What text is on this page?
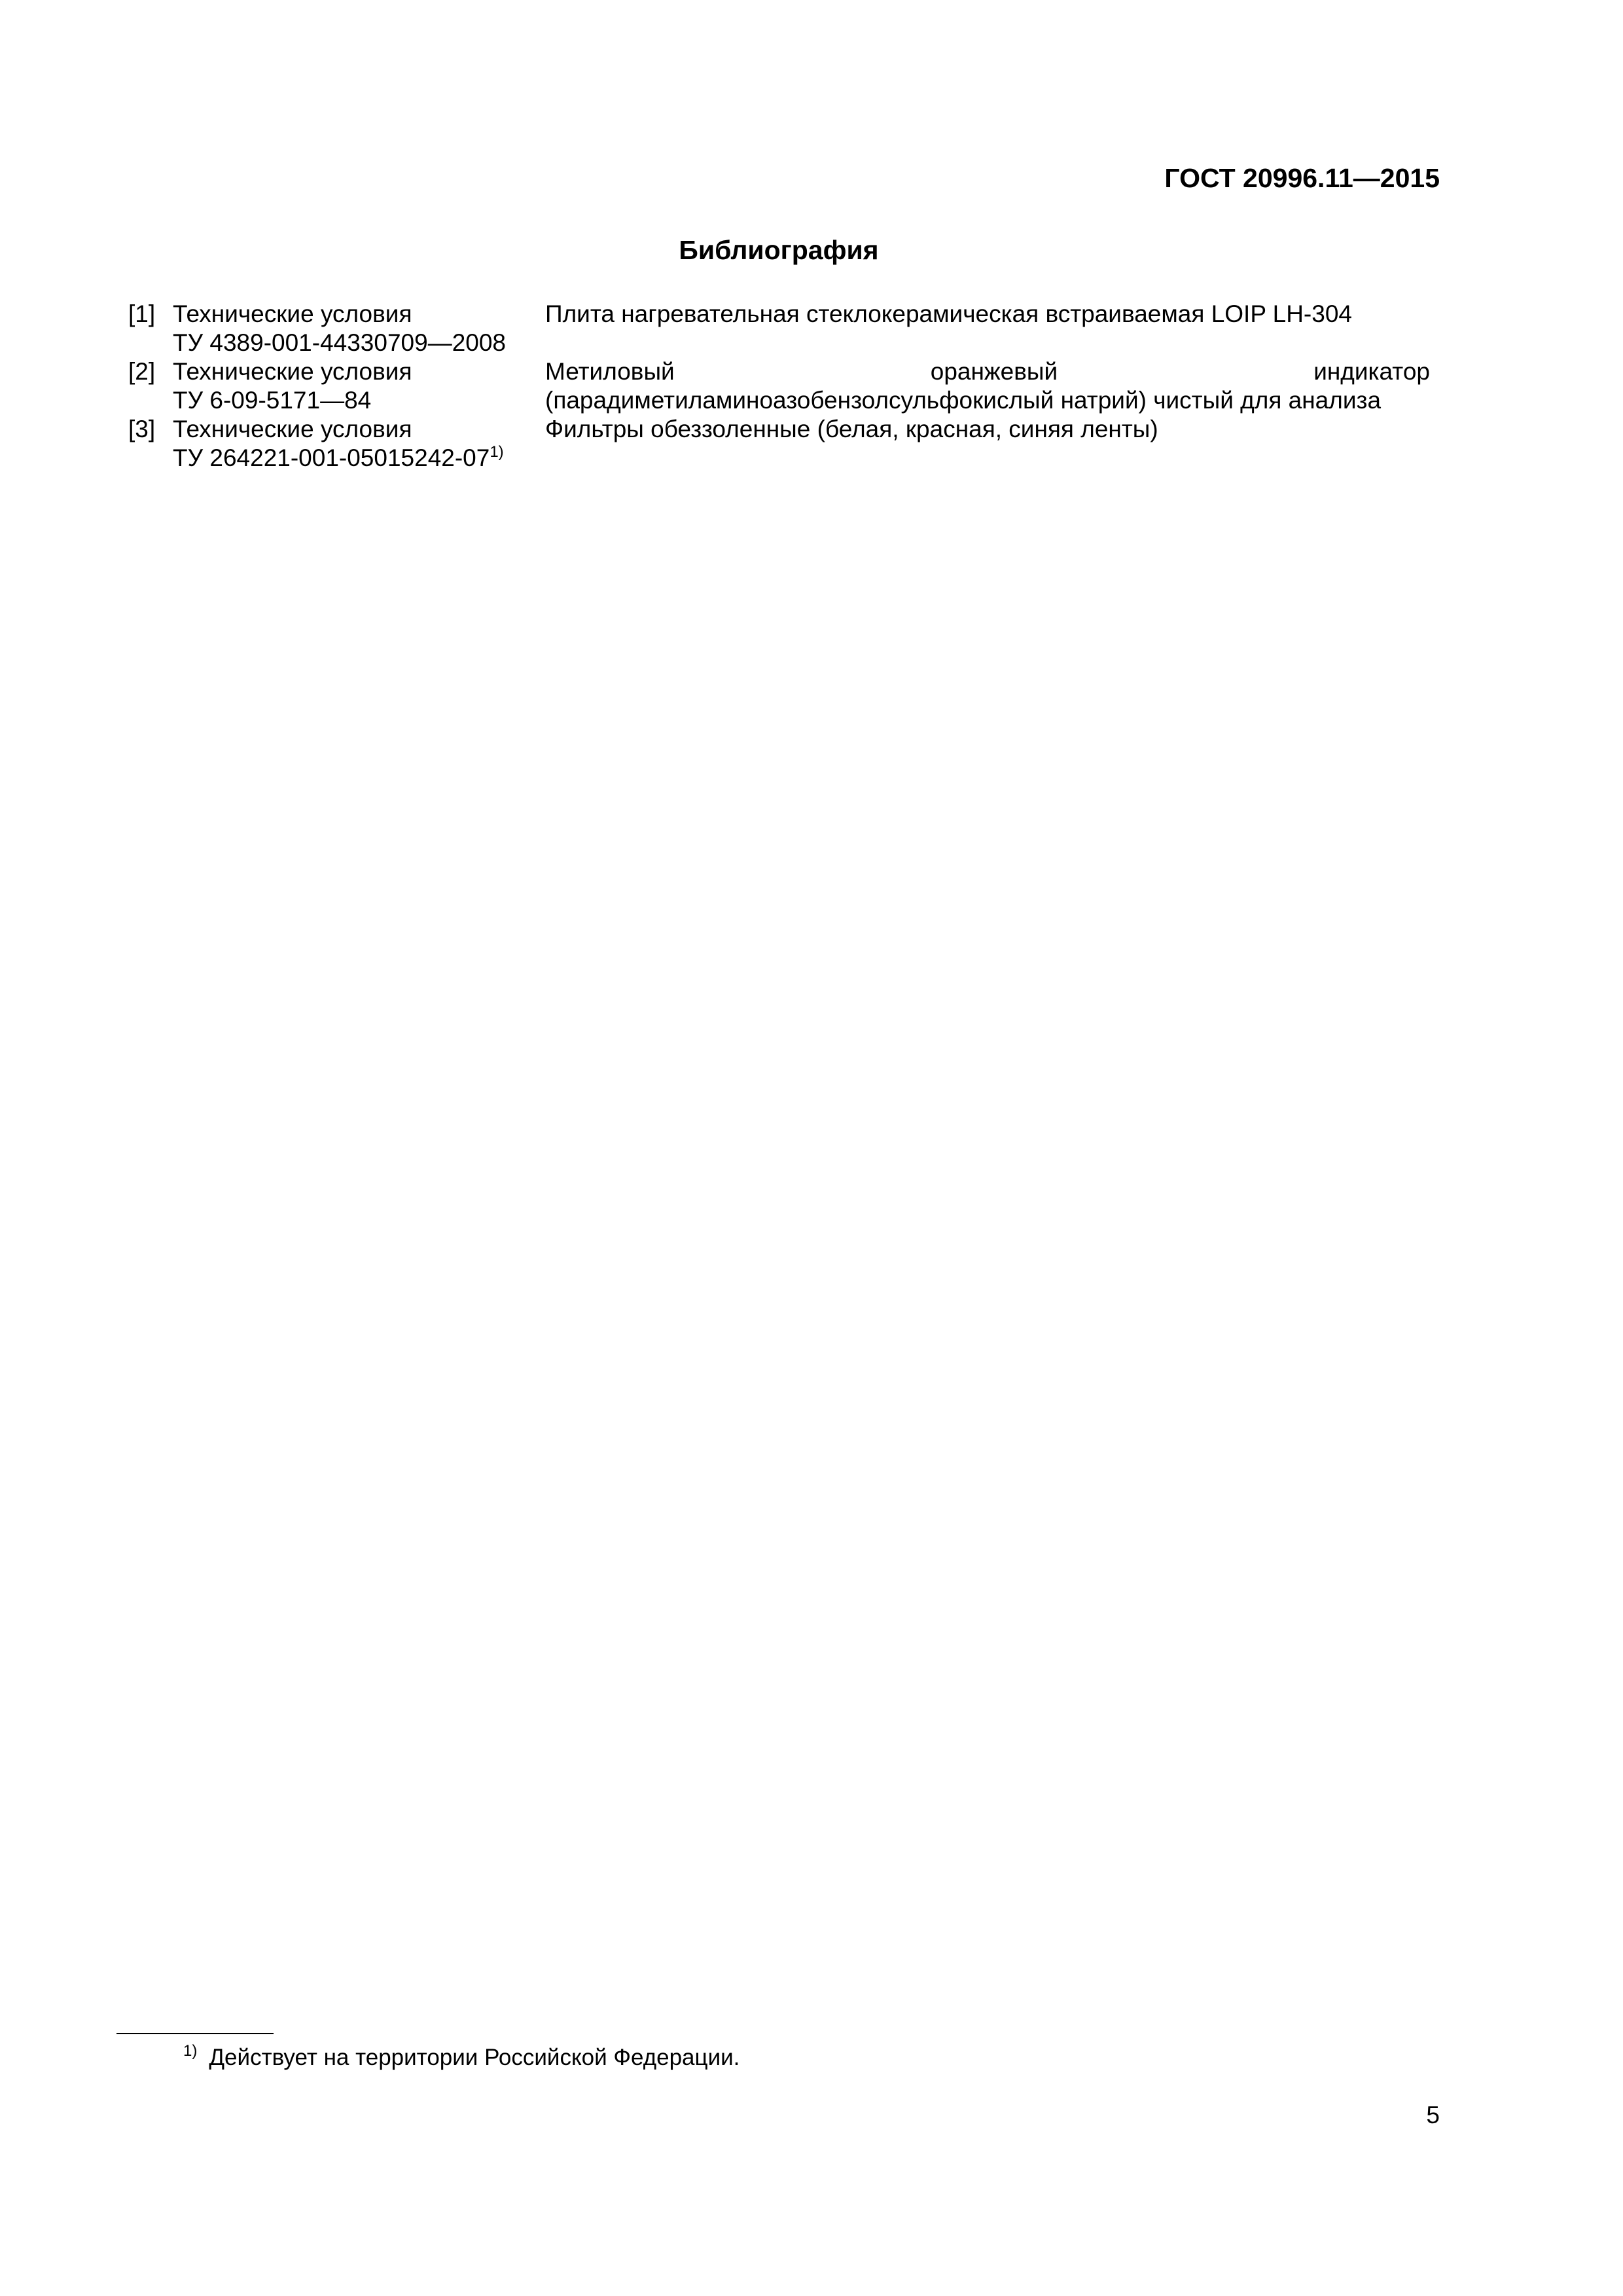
ГОСТ 20996.11—2015
Библиография
[1] Технические условия
ТУ 4389-001-44330709—2008
Плита нагревательная стеклокерамическая встраиваемая LOIP LH-304
[2] Технические условия
ТУ 6-09-5171—84
Метиловый оранжевый индикатор (парадиметиламиноазобензолсульфокислый натрий) чистый для анализа
[3] Технические условия
ТУ 264221-001-05015242-07$^{1)}$
Фильтры обеззоленные (белая, красная, синяя ленты)
$^{1)}$ Действует на территории Российской Федерации.
5
